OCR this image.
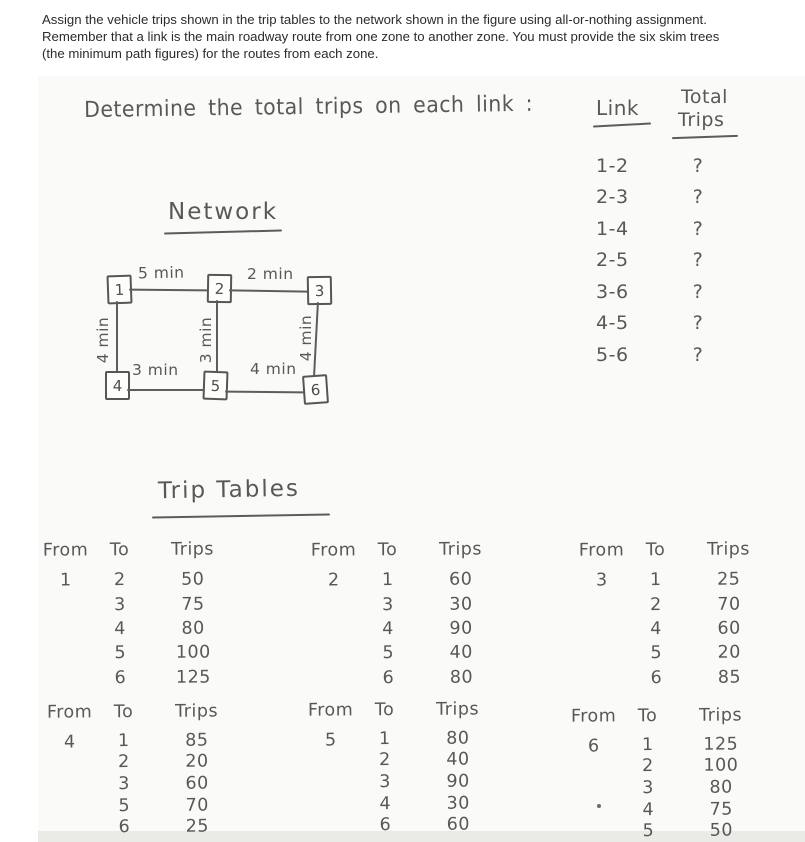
Assign the vehicle trips shown in the trip tables to the network shown in the figure using all-or-nothing assignment.
Remember that a link is the main roadway route from one zone to another zone. You must provide the six skim trees
(the minimum path figures) for the routes from each zone.
Determine the total trips on each link :	Link Total
Trips
1-2	?
2-3	?
1-4	?
2-5	?
3-6	?
4-5	?
5-6	?
Network
1	2	3
4	5	6
5 min	2 min
4 min	3 min	4 min
3 min	4 min
Trip Tables
From	To	Trips
1	2	50
3	75
4	80
5	100
6	125
From	To	Trips
2	1	60
3	30
4	90
5	40
6	80
From	To	Trips
3	1	25
2	70
4	60
5	20
6	85
From	To	Trips
4	1	85
2	20
3	60
5	70
6	25
From	To	Trips
5	1	80
2	40
3	90
4	30
6	60
From	To	Trips
6	1	125
2	100
3	80
4	75
5	50
